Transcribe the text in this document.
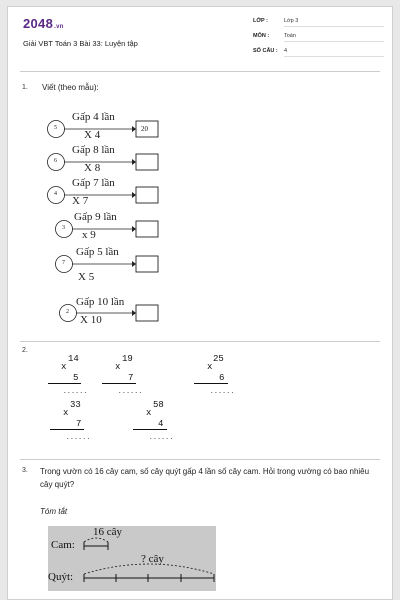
2048.vn
Giải VBT Toán 3 Bài 33: Luyện tập
LỚP :	Lớp 3
MÔN :	Toán
SỐ CÂU : 4
1. Viết (theo mẫu):
5
Gấp 4 lần
X 4	20
6
Gấp 8 lần
X 8
4
Gấp 7 lần
X 7
3
Gấp 9 lần
x 9
7
Gấp 5 lần
X 5
2
Gấp 10 lần
X 10
2.
14
x
5
......
19
x
7
......
25
x
6
......
33
x
7
......
58
x
4
......
3. Trong vườn có 16 cây cam, số cây quýt gấp 4 lần số cây cam. Hỏi trong vường có bao nhiêu cây quýt?
Tóm tắt
Cam:
16 cây
? cây
Quýt:
